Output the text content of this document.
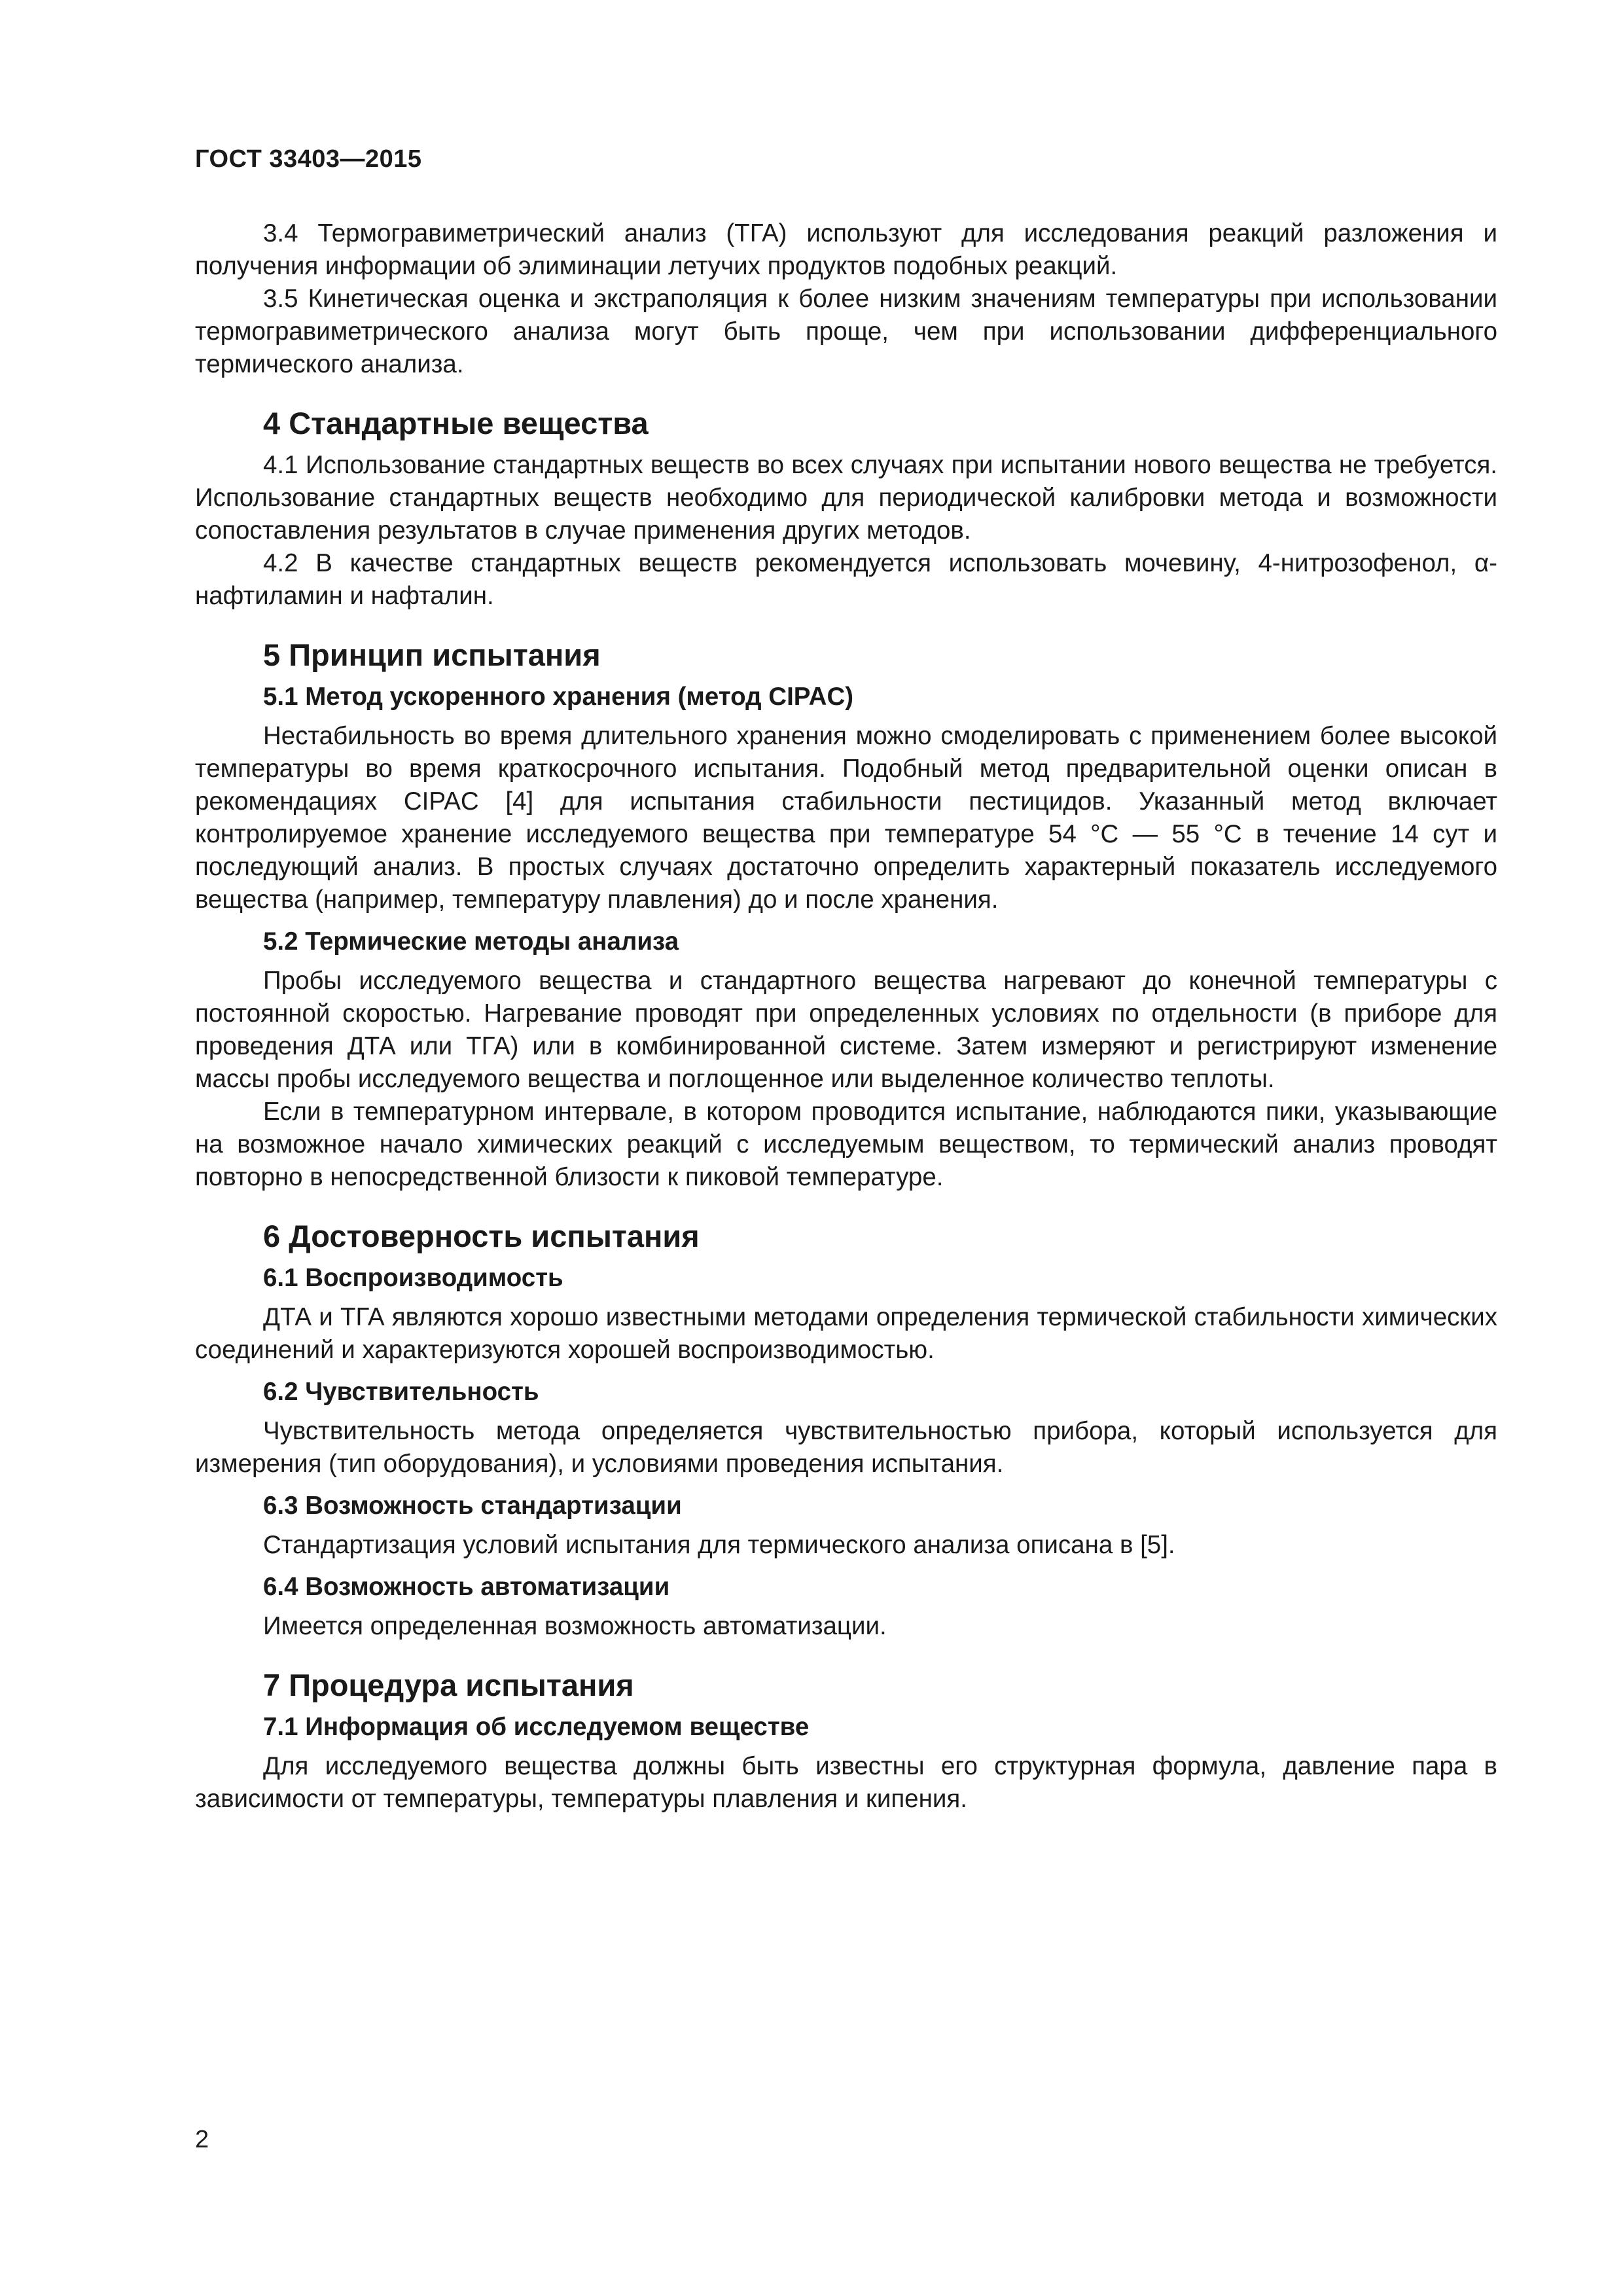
ГОСТ 33403—2015

3.4 Термогравиметрический анализ (ТГА) используют для исследования реакций разложения и получения информации об элиминации летучих продуктов подобных реакций.

3.5 Кинетическая оценка и экстраполяция к более низким значениям температуры при использовании термогравиметрического анализа могут быть проще, чем при использовании дифференциального термического анализа.

4 Стандартные вещества

4.1 Использование стандартных веществ во всех случаях при испытании нового вещества не требуется. Использование стандартных веществ необходимо для периодической калибровки метода и возможности сопоставления результатов в случае применения других методов.

4.2 В качестве стандартных веществ рекомендуется использовать мочевину, 4-нитрозофенол, α-нафтиламин и нафталин.

5 Принцип испытания
5.1 Метод ускоренного хранения (метод CIPAC)

Нестабильность во время длительного хранения можно смоделировать с применением более высокой температуры во время краткосрочного испытания. Подобный метод предварительной оценки описан в рекомендациях CIPAC [4] для испытания стабильности пестицидов. Указанный метод включает контролируемое хранение исследуемого вещества при температуре 54 °C — 55 °C в течение 14 сут и последующий анализ. В простых случаях достаточно определить характерный показатель исследуемого вещества (например, температуру плавления) до и после хранения.

5.2 Термические методы анализа

Пробы исследуемого вещества и стандартного вещества нагревают до конечной температуры с постоянной скоростью. Нагревание проводят при определенных условиях по отдельности (в приборе для проведения ДТА или ТГА) или в комбинированной системе. Затем измеряют и регистрируют изменение массы пробы исследуемого вещества и поглощенное или выделенное количество теплоты.

Если в температурном интервале, в котором проводится испытание, наблюдаются пики, указывающие на возможное начало химических реакций с исследуемым веществом, то термический анализ проводят повторно в непосредственной близости к пиковой температуре.

6 Достоверность испытания
6.1 Воспроизводимость

ДТА и ТГА являются хорошо известными методами определения термической стабильности химических соединений и характеризуются хорошей воспроизводимостью.

6.2 Чувствительность

Чувствительность метода определяется чувствительностью прибора, который используется для измерения (тип оборудования), и условиями проведения испытания.

6.3 Возможность стандартизации

Стандартизация условий испытания для термического анализа описана в [5].

6.4 Возможность автоматизации

Имеется определенная возможность автоматизации.

7 Процедура испытания
7.1 Информация об исследуемом веществе

Для исследуемого вещества должны быть известны его структурная формула, давление пара в зависимости от температуры, температуры плавления и кипения.

2
